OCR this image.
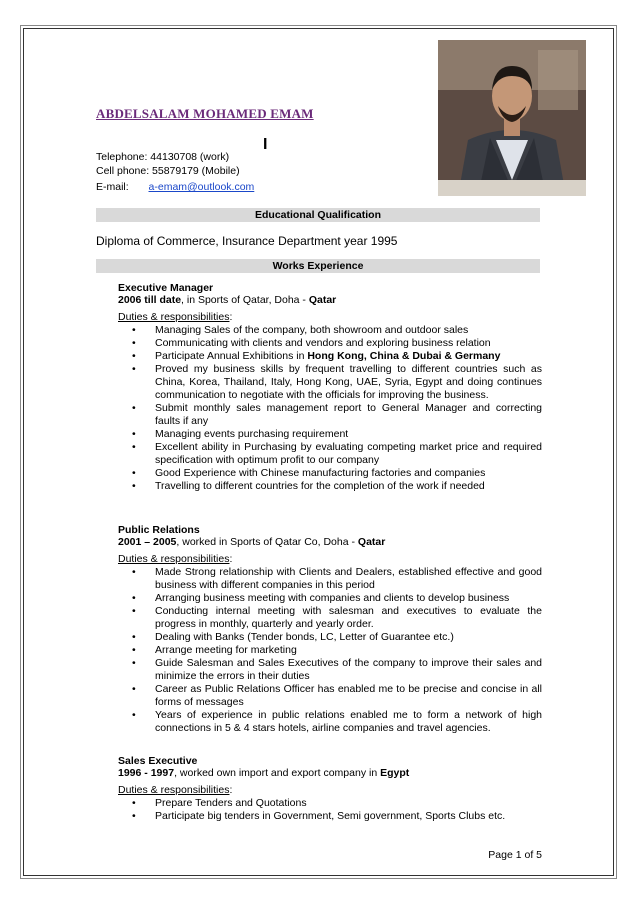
ABDELSALAM MOHAMED EMAM
I
Telephone: 44130708 (work)
Cell phone: 55879179 (Mobile)
E-mail: a-emam@outlook.com
Educational Qualification
Diploma of Commerce, Insurance Department year 1995
Works Experience
Executive Manager
2006 till date, in Sports of Qatar, Doha - Qatar
Duties & responsibilities:
• Managing Sales of the company, both showroom and outdoor sales
• Communicating with clients and vendors and exploring business relation
• Participate Annual Exhibitions in Hong Kong, China & Dubai & Germany
• Proved my business skills by frequent travelling to different countries such as China, Korea, Thailand, Italy, Hong Kong, UAE, Syria, Egypt and doing continues communication to negotiate with the officials for improving the business.
• Submit monthly sales management report to General Manager and correcting faults if any
• Managing events purchasing requirement
• Excellent ability in Purchasing by evaluating competing market price and required specification with optimum profit to our company
• Good Experience with Chinese manufacturing factories and companies
• Travelling to different countries for the completion of the work if needed
Public Relations
2001 – 2005, worked in Sports of Qatar Co, Doha - Qatar
Duties & responsibilities:
• Made Strong relationship with Clients and Dealers, established effective and good business with different companies in this period
• Arranging business meeting with companies and clients to develop business
• Conducting internal meeting with salesman and executives to evaluate the progress in monthly, quarterly and yearly order.
• Dealing with Banks (Tender bonds, LC, Letter of Guarantee etc.)
• Arrange meeting for marketing
• Guide Salesman and Sales Executives of the company to improve their sales and minimize the errors in their duties
• Career as Public Relations Officer has enabled me to be precise and concise in all forms of messages
• Years of experience in public relations enabled me to form a network of high connections in 5 & 4 stars hotels, airline companies and travel agencies.
Sales Executive
1996 - 1997, worked own import and export company in Egypt
Duties & responsibilities:
• Prepare Tenders and Quotations
• Participate big tenders in Government, Semi government, Sports Clubs etc.
Page 1 of 5
